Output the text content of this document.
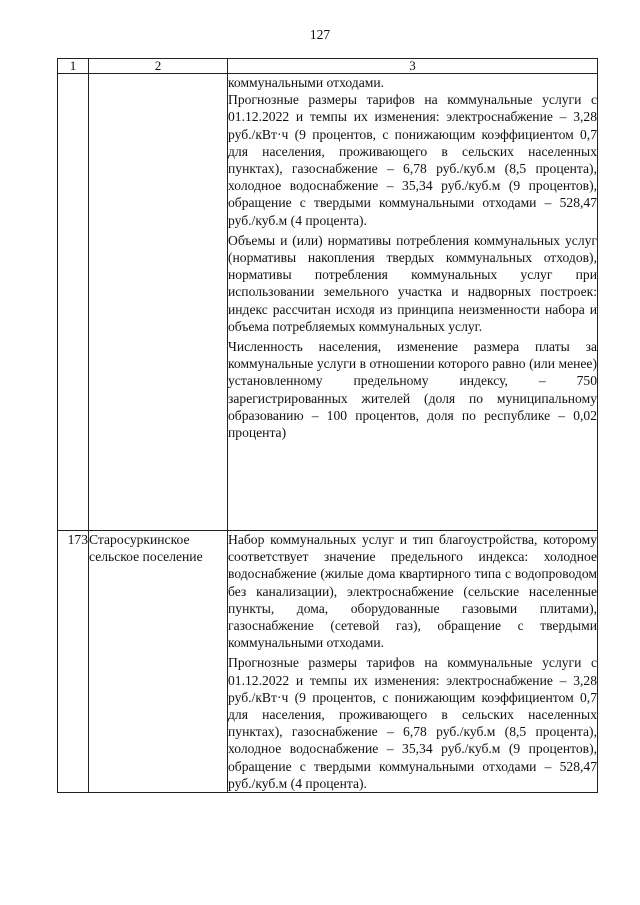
127
1	2	3

		коммунальными отходами.

Прогнозные размеры тарифов на коммунальные услуги с 01.12.2022 и темпы их изменения: электроснабжение – 3,28 руб./кВт·ч (9 процентов, с понижающим коэффициентом 0,7 для населения, проживающего в сельских населенных пунктах), газоснабжение – 6,78 руб./куб.м (8,5 процента), холодное водоснабжение – 35,34 руб./куб.м (9 процентов), обращение с твердыми коммунальными отходами – 528,47 руб./куб.м (4 процента).

Объемы и (или) нормативы потребления коммунальных услуг (нормативы накопления твердых коммунальных отходов), нормативы потребления коммунальных услуг при использовании земельного участка и надворных построек: индекс рассчитан исходя из принципа неизменности набора и объема потребляемых коммунальных услуг.

Численность населения, изменение размера платы за коммунальные услуги в отношении которого равно (или менее) установленному предельному индексу, – 750 зарегистрированных жителей (доля по муниципальному образованию – 100 процентов, доля по республике – 0,02 процента)

173	Старосуркинское сельское поселение	Набор коммунальных услуг и тип благоустройства, которому соответствует значение предельного индекса: холодное водоснабжение (жилые дома квартирного типа с водопроводом без канализации), электроснабжение (сельские населенные пункты, дома, оборудованные газовыми плитами), газоснабжение (сетевой газ), обращение с твердыми коммунальными отходами.

Прогнозные размеры тарифов на коммунальные услуги с 01.12.2022 и темпы их изменения: электроснабжение – 3,28 руб./кВт·ч (9 процентов, с понижающим коэффициентом 0,7 для населения, проживающего в сельских населенных пунктах), газоснабжение – 6,78 руб./куб.м (8,5 процента), холодное водоснабжение – 35,34 руб./куб.м (9 процентов), обращение с твердыми коммунальными отходами – 528,47 руб./куб.м (4 процента).
